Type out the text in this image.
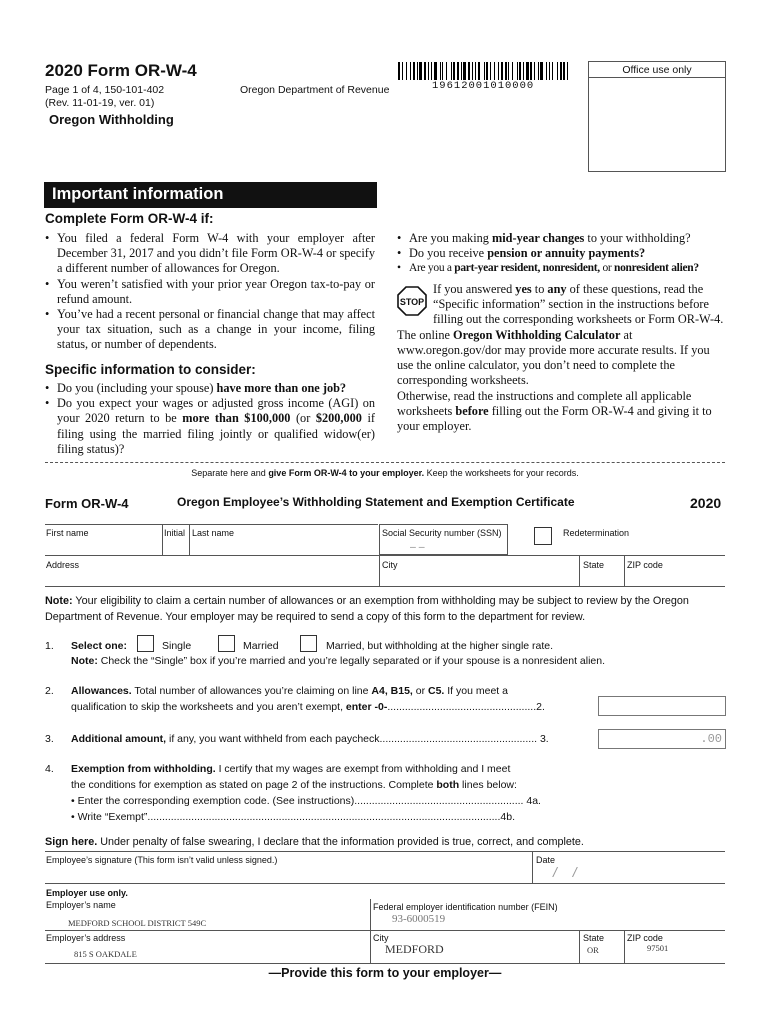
2020 Form OR-W-4
Page 1 of 4, 150-101-402
(Rev. 11-01-19, ver. 01)
Oregon Department of Revenue
Oregon Withholding
19612001010000
Office use only
Important information
Complete Form OR-W-4 if:
• You filed a federal Form W-4 with your employer after December 31, 2017 and you didn’t file Form OR-W-4 or specify a different number of allowances for Oregon.
• You weren’t satisfied with your prior year Oregon tax-to-pay or refund amount.
• You’ve had a recent personal or financial change that may affect your tax situation, such as a change in your income, filing status, or number of dependents.
Specific information to consider:
• Do you (including your spouse) have more than one job?
• Do you expect your wages or adjusted gross income (AGI) on your 2020 return to be more than $100,000 (or $200,000 if filing using the married filing jointly or qualified widow(er) filing status)?
• Are you making mid-year changes to your withholding?
• Do you receive pension or annuity payments?
• Are you a part-year resident, nonresident, or nonresident alien?
STOP
If you answered yes to any of these questions, read the “Specific information” section in the instructions before filling out the corresponding worksheets or Form OR-W-4. The online Oregon Withholding Calculator at www.oregon.gov/dor may provide more accurate results. If you use the online calculator, you don’t need to complete the corresponding worksheets.
Otherwise, read the instructions and complete all applicable worksheets before filling out the Form OR-W-4 and giving it to your employer.
Separate here and give Form OR-W-4 to your employer. Keep the worksheets for your records.
Form OR-W-4	Oregon Employee’s Withholding Statement and Exemption Certificate	2020
First name	Initial Last name	Social Security number (SSN)
– –
Redetermination
Address	City	State	ZIP code
Note: Your eligibility to claim a certain number of allowances or an exemption from withholding may be subject to review by the Oregon Department of Revenue. Your employer may be required to send a copy of this form to the department for review.
1. Select one:	Single	Married	Married, but withholding at the higher single rate.
Note: Check the “Single” box if you’re married and you’re legally separated or if your spouse is a nonresident alien.
2. Allowances. Total number of allowances you’re claiming on line A4, B15, or C5. If you meet a
qualification to skip the worksheets and you aren’t exempt, enter -0-...................................................2.
3. Additional amount, if any, you want withheld from each paycheck...................................................... 3.	.00
4. Exemption from withholding. I certify that my wages are exempt from withholding and I meet
the conditions for exemption as stated on page 2 of the instructions. Complete both lines below:
• Enter the corresponding exemption code. (See instructions).......................................................... 4a.
• Write “Exempt”.........................................................................................................................4b.
Sign here. Under penalty of false swearing, I declare that the information provided is true, correct, and complete.
Employee’s signature (This form isn’t valid unless signed.)	Date
/ /
Employer use only.
Employer’s name
MEDFORD SCHOOL DISTRICT 549C
Federal employer identification number (FEIN)
93-6000519
Employer’s address
815 S OAKDALE
City
MEDFORD
State
OR
ZIP code
97501
—Provide this form to your employer—
